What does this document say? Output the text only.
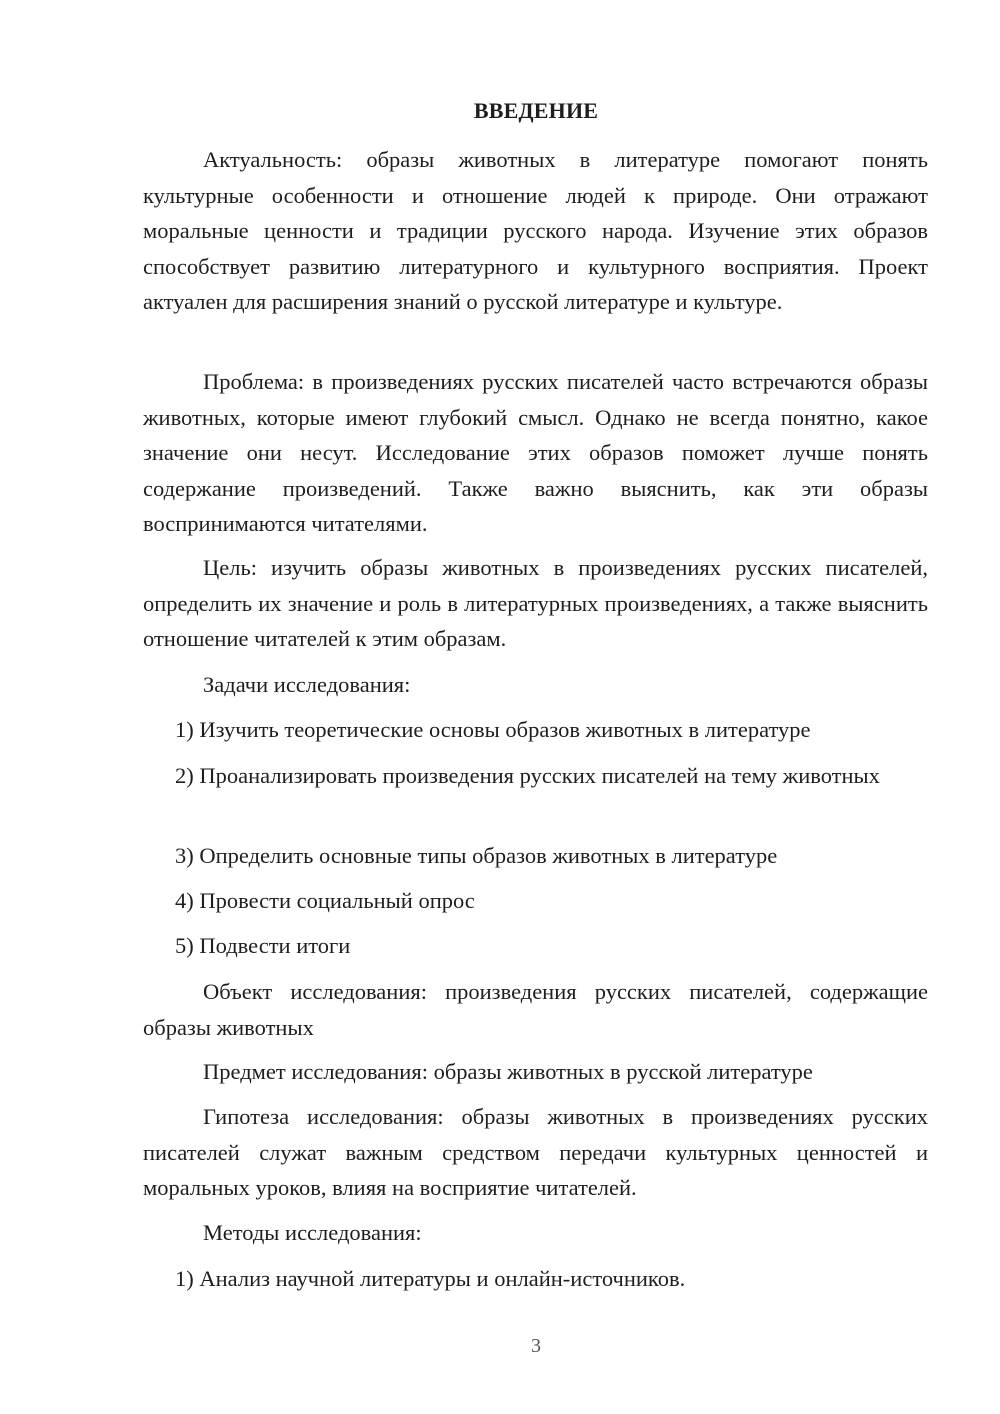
ВВЕДЕНИЕ

Актуальность: образы животных в литературе помогают понять культурные особенности и отношение людей к природе. Они отражают моральные ценности и традиции русского народа. Изучение этих образов способствует развитию литературного и культурного восприятия. Проект актуален для расширения знаний о русской литературе и культуре.

Проблема: в произведениях русских писателей часто встречаются образы животных, которые имеют глубокий смысл. Однако не всегда понятно, какое значение они несут. Исследование этих образов поможет лучше понять содержание произведений. Также важно выяснить, как эти образы воспринимаются читателями.

Цель: изучить образы животных в произведениях русских писателей, определить их значение и роль в литературных произведениях, а также выяснить отношение читателей к этим образам.

Задачи исследования:

1) Изучить теоретические основы образов животных в литературе

2) Проанализировать произведения русских писателей на тему животных

3) Определить основные типы образов животных в литературе

4) Провести социальный опрос

5) Подвести итоги

Объект исследования: произведения русских писателей, содержащие образы животных

Предмет исследования: образы животных в русской литературе

Гипотеза исследования: образы животных в произведениях русских писателей служат важным средством передачи культурных ценностей и моральных уроков, влияя на восприятие читателей.

Методы исследования:

1) Анализ научной литературы и онлайн-источников.

3
